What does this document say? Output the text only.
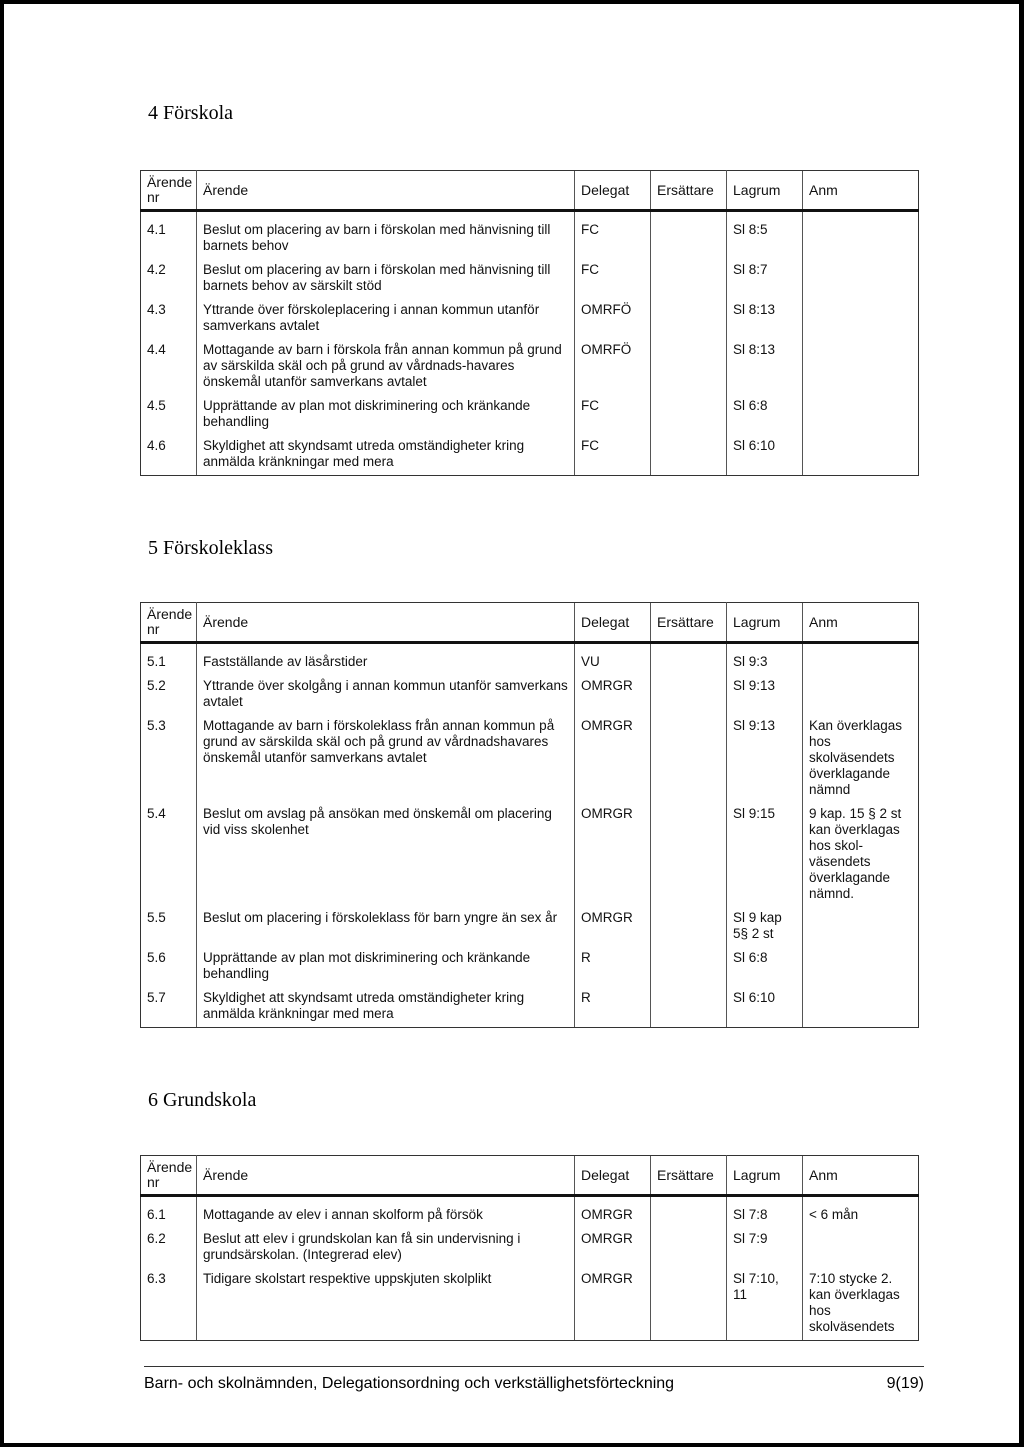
4 Förskola
Ärende nr	Ärende	Delegat	Ersättare	Lagrum	Anm
4.1	Beslut om placering av barn i förskolan med hänvisning till barnets behov	FC		Sl 8:5	
4.2	Beslut om placering av barn i förskolan med hänvisning till barnets behov av särskilt stöd	FC		Sl 8:7	
4.3	Yttrande över förskoleplacering i annan kommun utanför samverkans avtalet	OMRFÖ		Sl 8:13	
4.4	Mottagande av barn i förskola från annan kommun på grund av särskilda skäl och på grund av vårdnads-havares önskemål utanför samverkans avtalet	OMRFÖ		Sl 8:13	
4.5	Upprättande av plan mot diskriminering och kränkande behandling	FC		Sl 6:8	
4.6	Skyldighet att skyndsamt utreda omständigheter kring anmälda kränkningar med mera	FC		Sl 6:10	
5 Förskoleklass
Ärende nr	Ärende	Delegat	Ersättare	Lagrum	Anm
5.1	Fastställande av läsårstider	VU		Sl 9:3	
5.2	Yttrande över skolgång i annan kommun utanför samverkans avtalet	OMRGR		Sl 9:13	
5.3	Mottagande av barn i förskoleklass från annan kommun på grund av särskilda skäl och på grund av vårdnadshavares önskemål utanför samverkans avtalet	OMRGR		Sl 9:13	Kan överklagas hos skolväsendets överklagande nämnd
5.4	Beslut om avslag på ansökan med önskemål om placering vid viss skolenhet	OMRGR		Sl 9:15	9 kap. 15 § 2 st kan överklagas hos skol-väsendets överklagande nämnd.
5.5	Beslut om placering i förskoleklass för barn yngre än sex år	OMRGR		Sl 9 kap 5§ 2 st	
5.6	Upprättande av plan mot diskriminering och kränkande behandling	R		Sl 6:8	
5.7	Skyldighet att skyndsamt utreda omständigheter kring anmälda kränkningar med mera	R		Sl 6:10	
6 Grundskola
Ärende nr	Ärende	Delegat	Ersättare	Lagrum	Anm
6.1	Mottagande av elev i annan skolform på försök	OMRGR		Sl 7:8	< 6 mån
6.2	Beslut att elev i grundskolan kan få sin undervisning i grundsärskolan. (Integrerad elev)	OMRGR		Sl 7:9	
6.3	Tidigare skolstart respektive uppskjuten skolplikt	OMRGR		Sl 7:10, 11	7:10 stycke 2. kan överklagas hos skolväsendets
Barn- och skolnämnden, Delegationsordning och verkställighetsförteckning	9(19)
